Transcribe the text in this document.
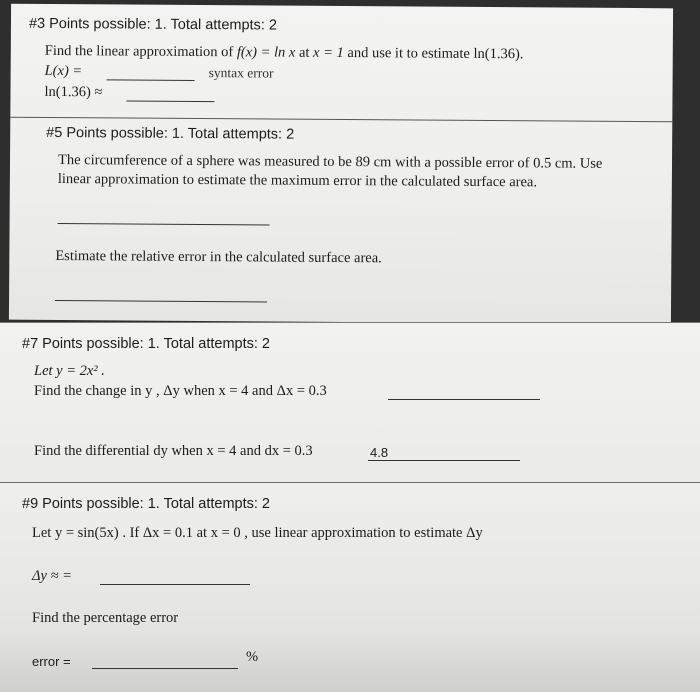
#3 Points possible: 1. Total attempts: 2
Find the linear approximation of f(x) = ln x at x = 1 and use it to estimate ln(1.36).
L(x) =	syntax error
ln(1.36) ≈
#5 Points possible: 1. Total attempts: 2
The circumference of a sphere was measured to be 89 cm with a possible error of 0.5 cm. Use
linear approximation to estimate the maximum error in the calculated surface area.
Estimate the relative error in the calculated surface area.
#7 Points possible: 1. Total attempts: 2
Let y = 2x² .
Find the change in y , Δy when x = 4 and Δx = 0.3
Find the differential dy when x = 4 and dx = 0.3	4.8
#9 Points possible: 1. Total attempts: 2
Let y = sin(5x) . If Δx = 0.1 at x = 0 , use linear approximation to estimate Δy
Δy ≈ =
Find the percentage error
error =	%
